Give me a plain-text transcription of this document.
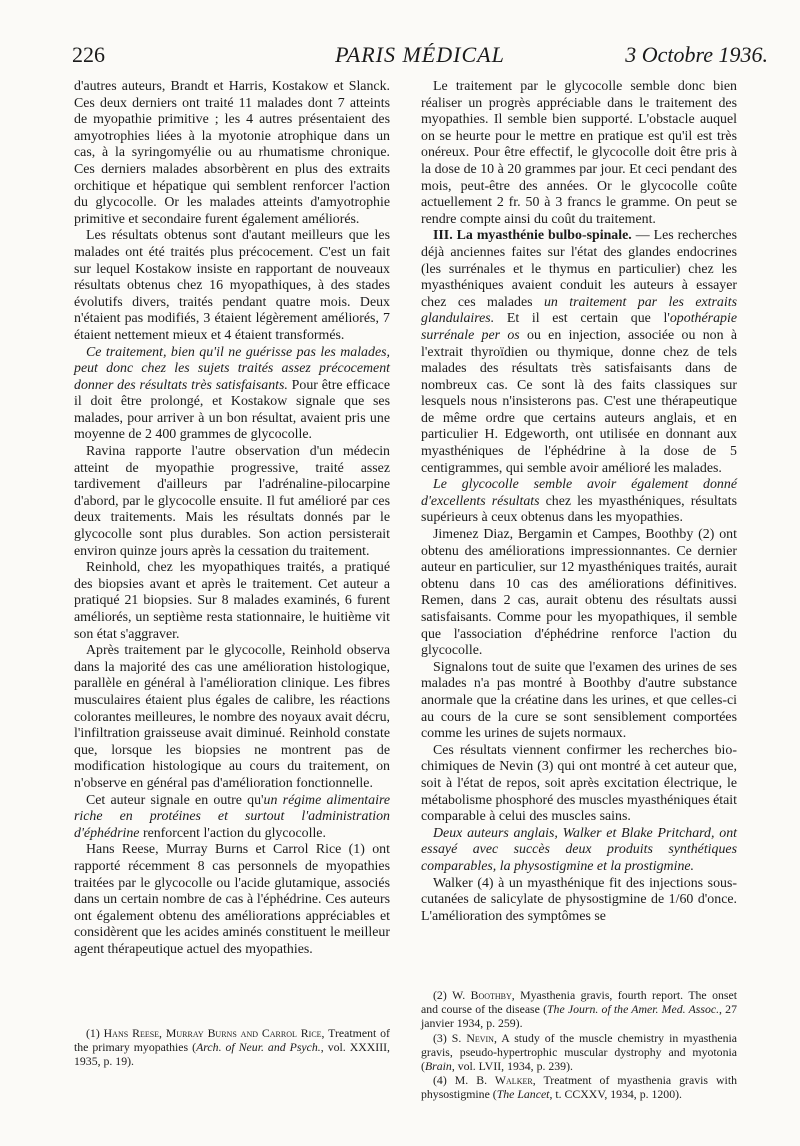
226	PARIS MÉDICAL	3 Octobre 1936.

d'autres auteurs, Brandt et Harris, Kostakow et Slanck. Ces deux derniers ont traité 11 malades dont 7 atteints de myopathie primitive ; les 4 autres présentaient des amyotrophies liées à la myotonie atrophique dans un cas, à la syringomyélie ou au rhumatisme chronique. Ces derniers malades absorbèrent en plus des extraits orchitique et hépatique qui semblent renforcer l'action du glycocolle. Or les malades atteints d'amyotrophie primitive et secondaire furent également améliorés.

Les résultats obtenus sont d'autant meilleurs que les malades ont été traités plus précocement. C'est un fait sur lequel Kostakow insiste en rapportant de nouveaux résultats obtenus chez 16 myopathiques, à des stades évolutifs divers, traités pendant quatre mois. Deux n'étaient pas modifiés, 3 étaient légèrement améliorés, 7 étaient nettement mieux et 4 étaient transformés.

Ce traitement, bien qu'il ne guérisse pas les malades, peut donc chez les sujets traités assez précocement donner des résultats très satisfaisants. Pour être efficace il doit être prolongé, et Kostakow signale que ses malades, pour arriver à un bon résultat, avaient pris une moyenne de 2 400 grammes de glycocolle.

Ravina rapporte l'autre observation d'un médecin atteint de myopathie progressive, traité assez tardivement d'ailleurs par l'adrénaline-pilocarpine d'abord, par le glycocolle ensuite. Il fut amélioré par ces deux traitements. Mais les résultats donnés par le glycocolle sont plus durables. Son action persisterait environ quinze jours après la cessation du traitement.

Reinhold, chez les myopathiques traités, a pratiqué des biopsies avant et après le traitement. Cet auteur a pratiqué 21 biopsies. Sur 8 malades examinés, 6 furent améliorés, un septième resta stationnaire, le huitième vit son état s'aggraver.

Après traitement par le glycocolle, Reinhold observa dans la majorité des cas une amélioration histologique, parallèle en général à l'amélioration clinique. Les fibres musculaires étaient plus égales de calibre, les réactions colorantes meilleures, le nombre des noyaux avait décru, l'infiltration graisseuse avait diminué. Reinhold constate que, lorsque les biopsies ne montrent pas de modification histologique au cours du traitement, on n'observe en général pas d'amélioration fonctionnelle.

Cet auteur signale en outre qu'un régime alimentaire riche en protéines et surtout l'administration d'éphédrine renforcent l'action du glycocolle.

Hans Reese, Murray Burns et Carrol Rice (1) ont rapporté récemment 8 cas personnels de myopathies traitées par le glycocolle ou l'acide glutamique, associés dans un certain nombre de cas à l'éphédrine. Ces auteurs ont également obtenu des améliorations appréciables et considèrent que les acides aminés constituent le meilleur agent thérapeutique actuel des myopathies.

(1) Hans Reese, Murray Burns and Carrol Rice, Treatment of the primary myopathies (Arch. of Neur. and Psych., vol. XXXIII, 1935, p. 19).

Le traitement par le glycocolle semble donc bien réaliser un progrès appréciable dans le traitement des myopathies. Il semble bien supporté. L'obstacle auquel on se heurte pour le mettre en pratique est qu'il est très onéreux. Pour être effectif, le glycocolle doit être pris à la dose de 10 à 20 grammes par jour. Et ceci pendant des mois, peut-être des années. Or le glycocolle coûte actuellement 2 fr. 50 à 3 francs le gramme. On peut se rendre compte ainsi du coût du traitement.

III. La myasthénie bulbo-spinale. — Les recherches déjà anciennes faites sur l'état des glandes endocrines (les surrénales et le thymus en particulier) chez les myasthéniques avaient conduit les auteurs à essayer chez ces malades un traitement par les extraits glandulaires. Et il est certain que l'opothérapie surrénale per os ou en injection, associée ou non à l'extrait thyroïdien ou thymique, donne chez de tels malades des résultats très satisfaisants dans de nombreux cas. Ce sont là des faits classiques sur lesquels nous n'insisterons pas. C'est une thérapeutique de même ordre que certains auteurs anglais, et en particulier H. Edgeworth, ont utilisée en donnant aux myasthéniques de l'éphédrine à la dose de 5 centigrammes, qui semble avoir amélioré les malades.

Le glycocolle semble avoir également donné d'excellents résultats chez les myasthéniques, résultats supérieurs à ceux obtenus dans les myopathies.

Jimenez Diaz, Bergamin et Campes, Boothby (2) ont obtenu des améliorations impressionnantes. Ce dernier auteur en particulier, sur 12 myasthéniques traités, aurait obtenu dans 10 cas des améliorations définitives. Remen, dans 2 cas, aurait obtenu des résultats aussi satisfaisants. Comme pour les myopathiques, il semble que l'association d'éphédrine renforce l'action du glycocolle.

Signalons tout de suite que l'examen des urines de ses malades n'a pas montré à Boothby d'autre substance anormale que la créatine dans les urines, et que celles-ci au cours de la cure se sont sensiblement comportées comme les urines de sujets normaux.

Ces résultats viennent confirmer les recherches bio-chimiques de Nevin (3) qui ont montré à cet auteur que, soit à l'état de repos, soit après excitation électrique, le métabolisme phosphoré des muscles myasthéniques était comparable à celui des muscles sains.

Deux auteurs anglais, Walker et Blake Pritchard, ont essayé avec succès deux produits synthétiques comparables, la physostigmine et la prostigmine.

Walker (4) à un myasthénique fit des injections sous-cutanées de salicylate de physostigmine de 1/60 d'once. L'amélioration des symptômes se

(2) W. Boothby, Myasthenia gravis, fourth report. The onset and course of the disease (The Journ. of the Amer. Med. Assoc., 27 janvier 1934, p. 259).

(3) S. Nevin, A study of the muscle chemistry in myasthenia gravis, pseudo-hypertrophic muscular dystrophy and myotonia (Brain, vol. LVII, 1934, p. 239).

(4) M. B. Walker, Treatment of myasthenia gravis with physostigmine (The Lancet, t. CCXXV, 1934, p. 1200).
